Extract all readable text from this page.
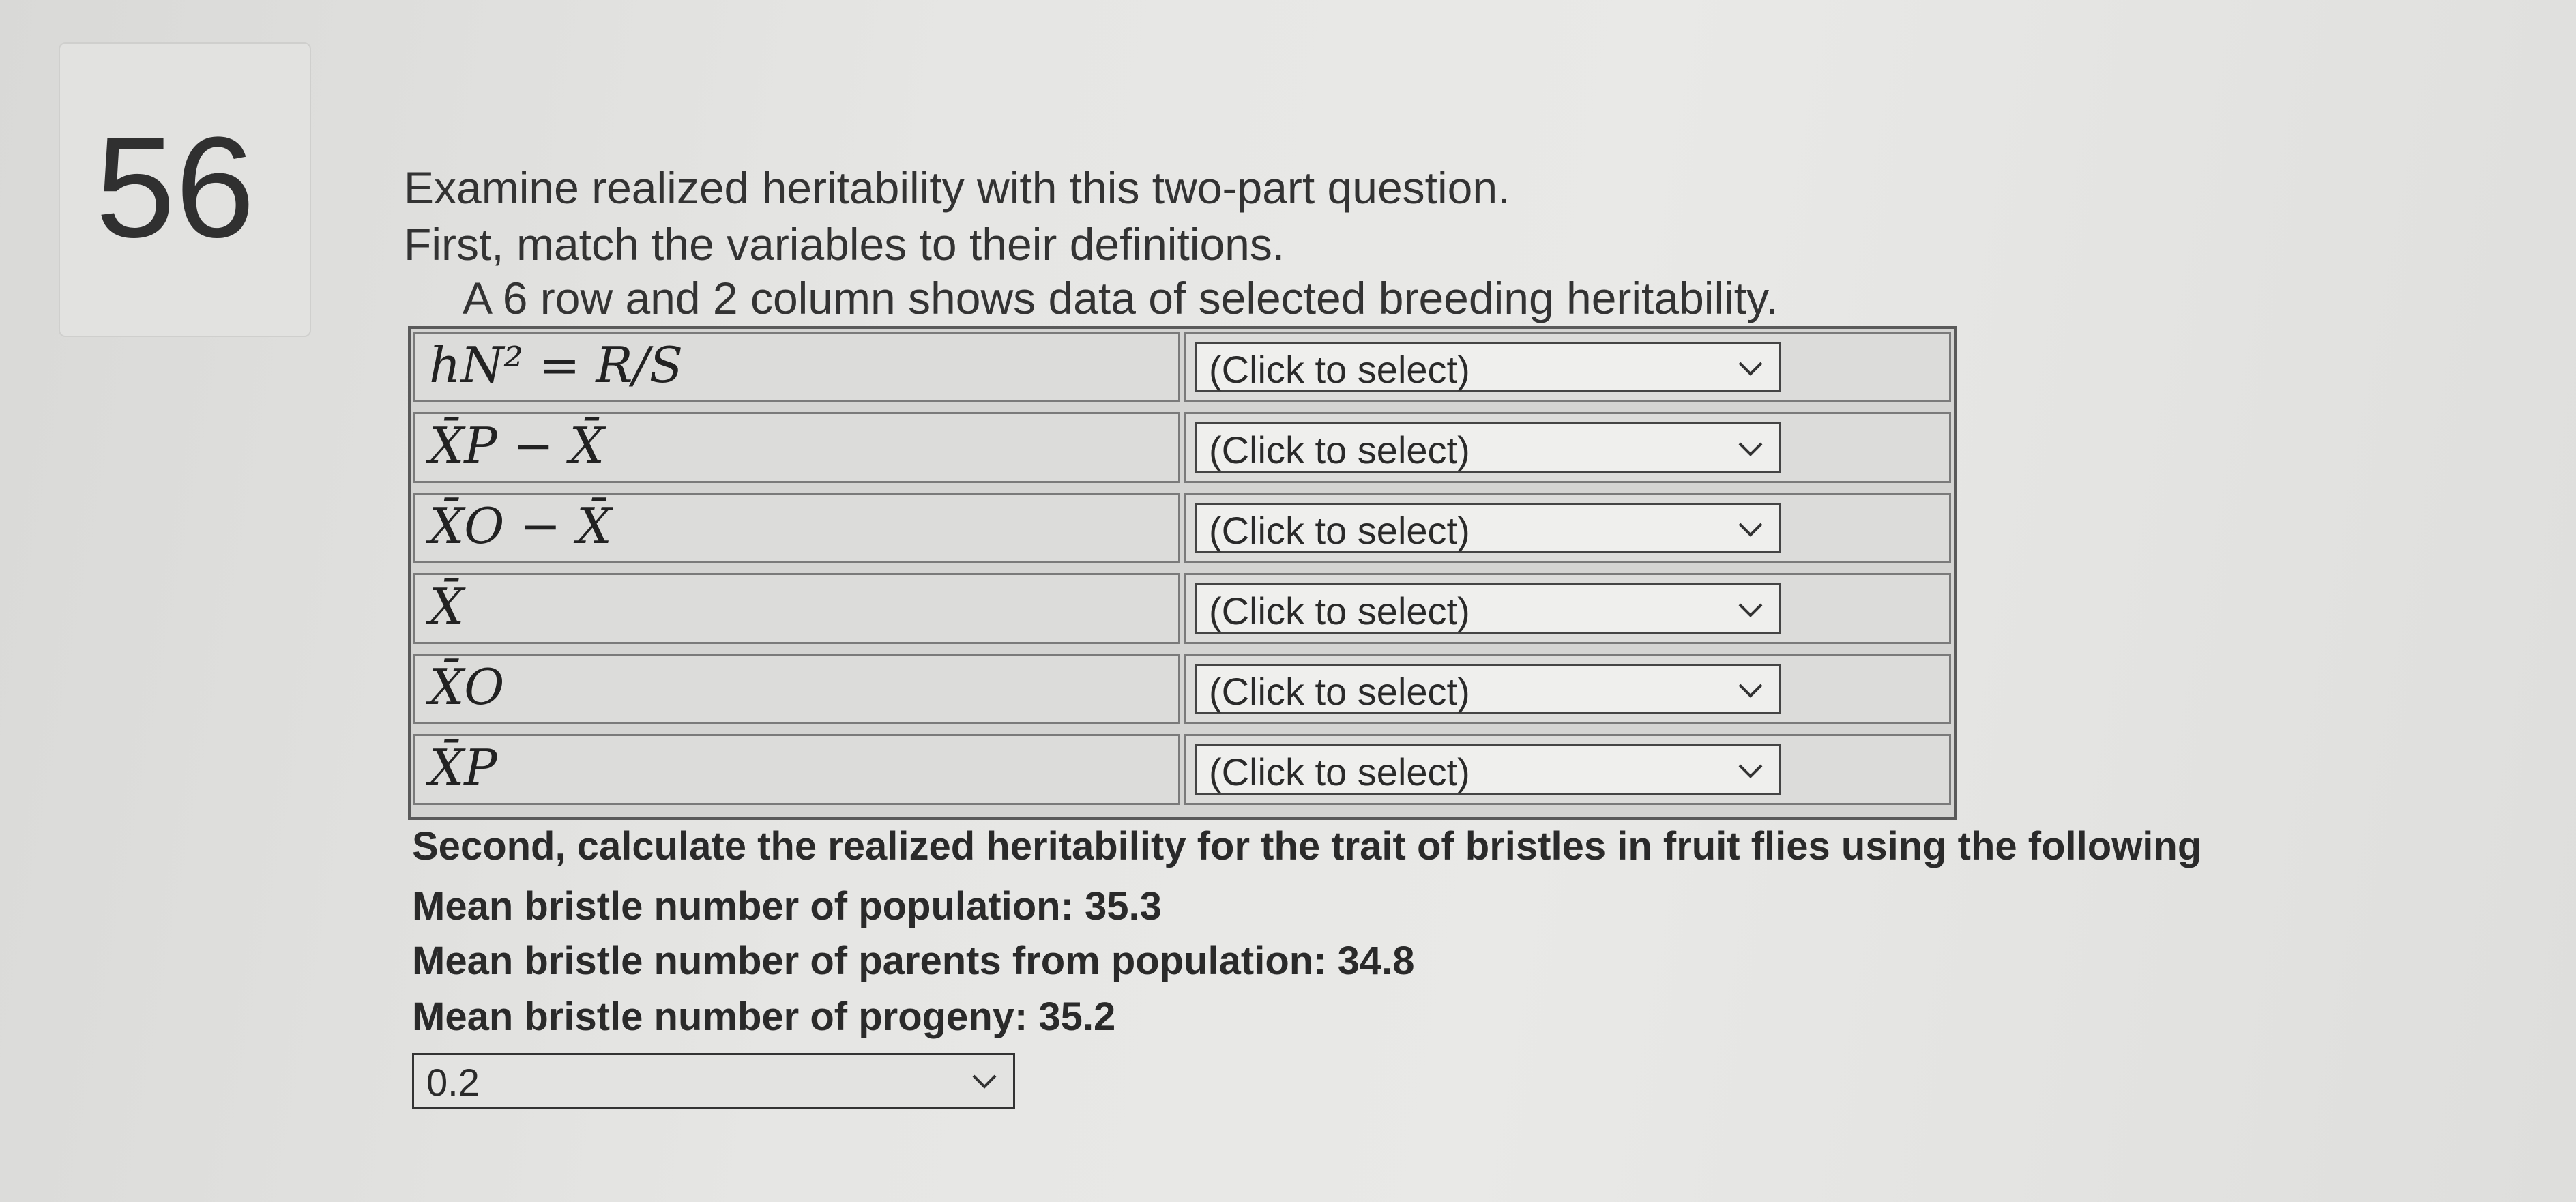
56	Examine realized heritability with this two-part question.
First, match the variables to their definitions.
A 6 row and 2 column shows data of selected breeding heritability.
hN² = R/S	(Click to select)
X̄P − X̄	(Click to select)
X̄O − X̄	(Click to select)
X̄	(Click to select)
X̄O	(Click to select)
X̄P	(Click to select)
Second, calculate the realized heritability for the trait of bristles in fruit flies using the following
Mean bristle number of population: 35.3
Mean bristle number of parents from population: 34.8
Mean bristle number of progeny: 35.2
0.2
